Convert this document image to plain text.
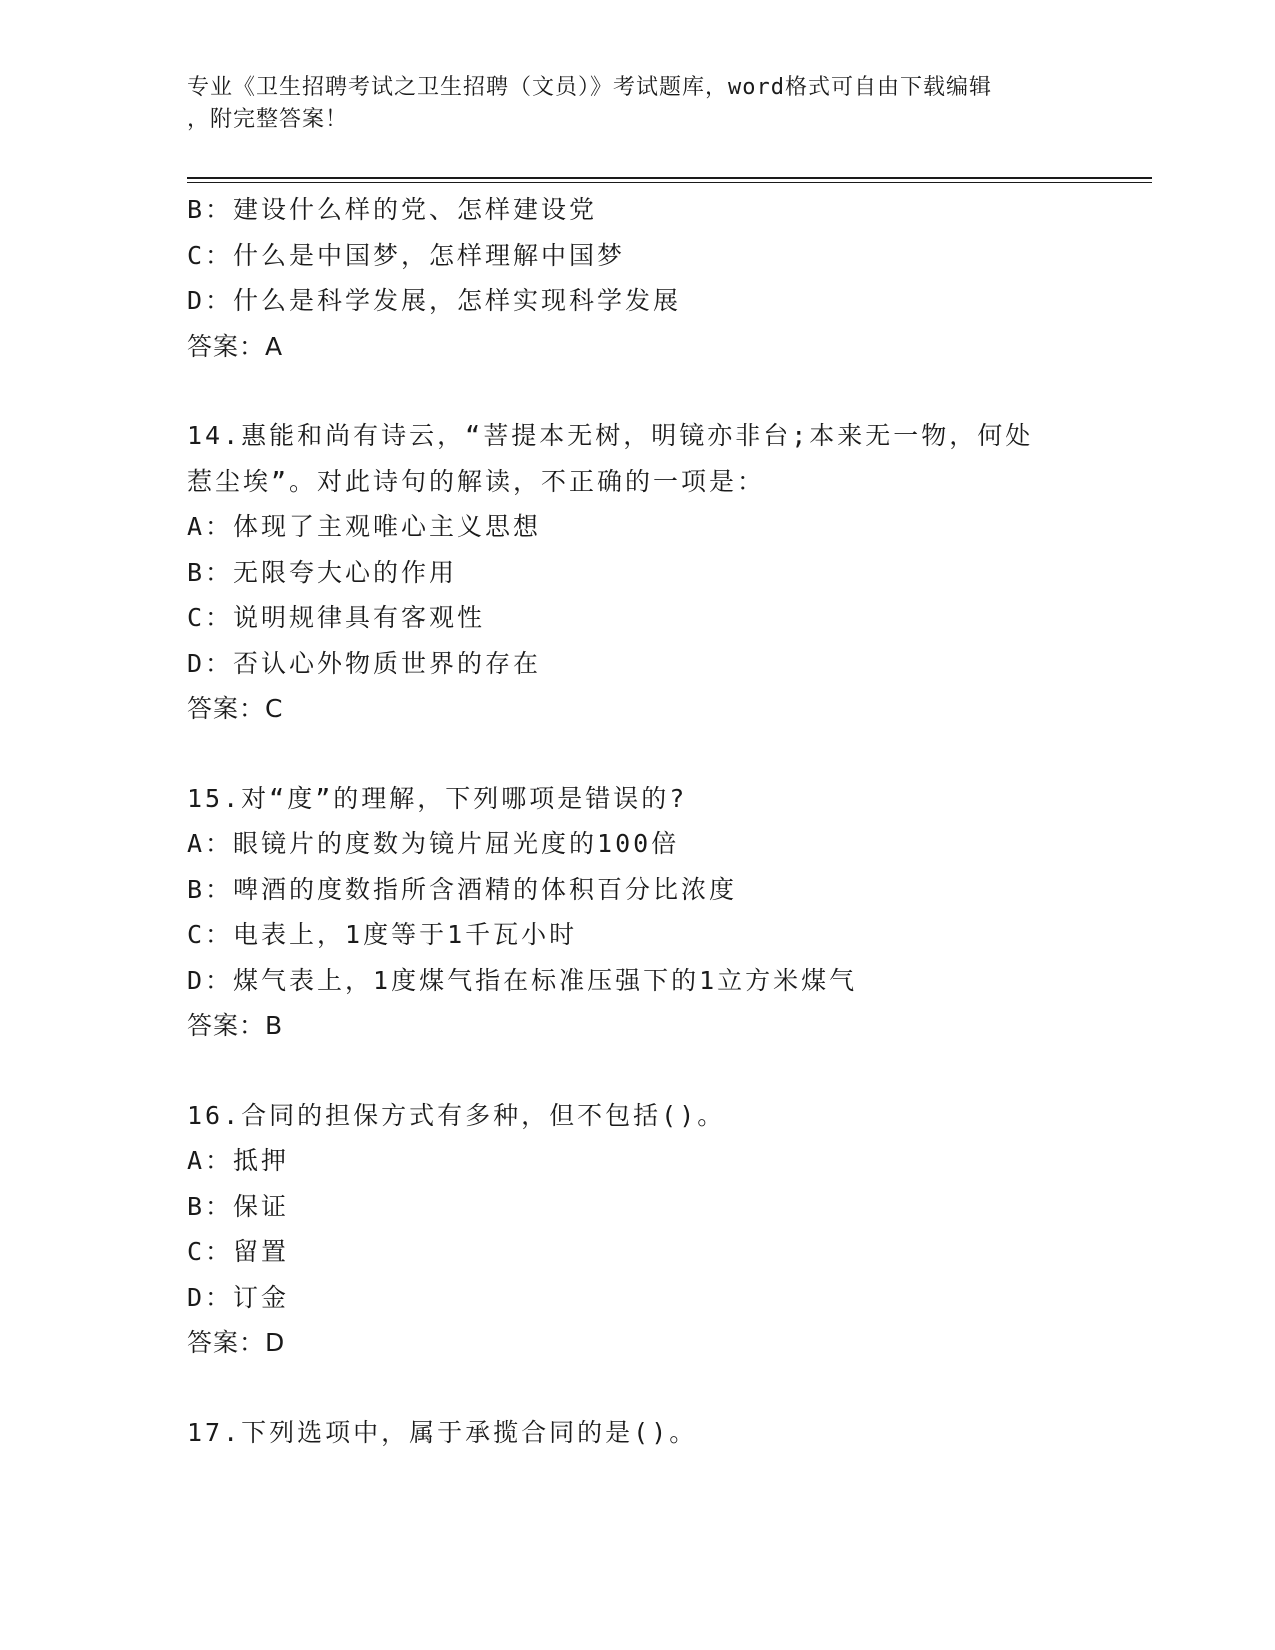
专业《卫生招聘考试之卫生招聘（文员）》考试题库，word格式可自由下载编辑
，附完整答案！
B：建设什么样的党、怎样建设党
C：什么是中国梦，怎样理解中国梦
D：什么是科学发展，怎样实现科学发展
答案：A
14.惠能和尚有诗云，“菩提本无树，明镜亦非台;本来无一物，何处
惹尘埃”。对此诗句的解读，不正确的一项是：
A：体现了主观唯心主义思想
B：无限夸大心的作用
C：说明规律具有客观性
D：否认心外物质世界的存在
答案：C
15.对“度”的理解，下列哪项是错误的?
A：眼镜片的度数为镜片屈光度的100倍
B：啤酒的度数指所含酒精的体积百分比浓度
C：电表上，1度等于1千瓦小时
D：煤气表上，1度煤气指在标准压强下的1立方米煤气
答案：B
16.合同的担保方式有多种，但不包括()。
A：抵押
B：保证
C：留置
D：订金
答案：D
17.下列选项中，属于承揽合同的是()。
